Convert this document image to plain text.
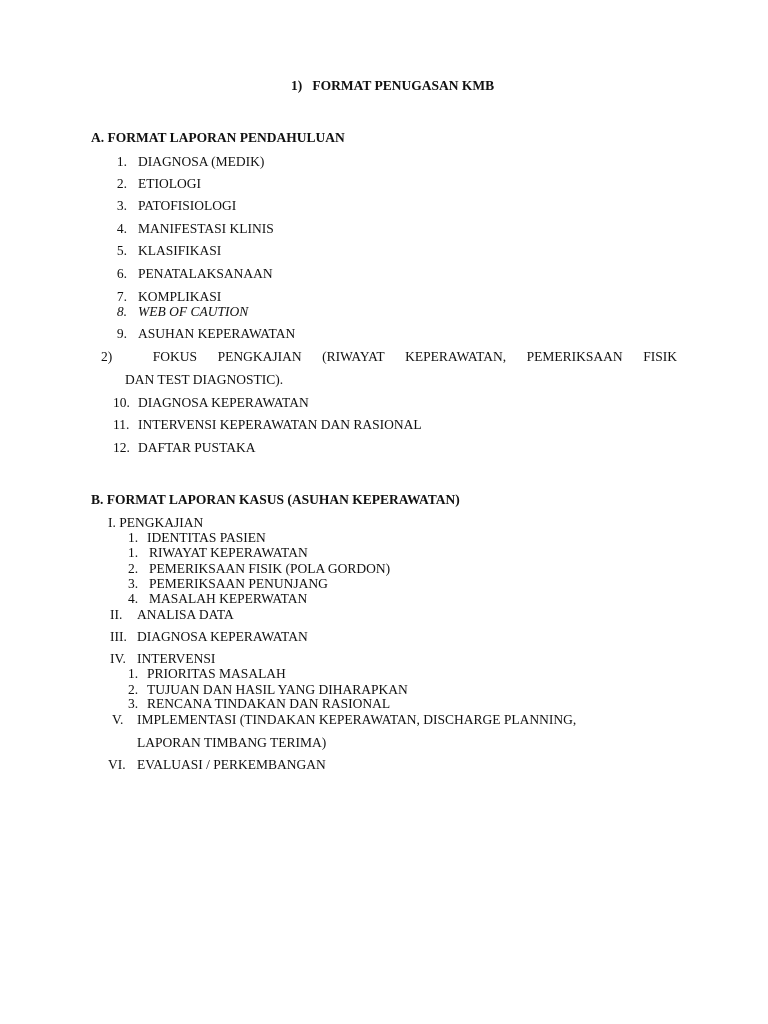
1) FORMAT PENUGASAN KMB
A. FORMAT LAPORAN PENDAHULUAN
1. DIAGNOSA (MEDIK)
2. ETIOLOGI
3. PATOFISIOLOGI
4. MANIFESTASI KLINIS
5. KLASIFIKASI
6. PENATALAKSANAAN
7. KOMPLIKASI
8. WEB OF CAUTION
9. ASUHAN KEPERAWATAN
2)	FOKUS PENGKAJIAN (RIWAYAT KEPERAWATAN, PEMERIKSAAN FISIK
DAN TEST DIAGNOSTIC).
10. DIAGNOSA KEPERAWATAN
11. INTERVENSI KEPERAWATAN DAN RASIONAL
12. DAFTAR PUSTAKA
B. FORMAT LAPORAN KASUS (ASUHAN KEPERAWATAN)
I. PENGKAJIAN
1. IDENTITAS PASIEN
1. RIWAYAT KEPERAWATAN
2. PEMERIKSAAN FISIK (POLA GORDON)
3. PEMERIKSAAN PENUNJANG
4. MASALAH KEPERWATAN
II. ANALISA DATA
III. DIAGNOSA KEPERAWATAN
IV. INTERVENSI
1. PRIORITAS MASALAH
2. TUJUAN DAN HASIL YANG DIHARAPKAN
3. RENCANA TINDAKAN DAN RASIONAL
V. IMPLEMENTASI (TINDAKAN KEPERAWATAN, DISCHARGE PLANNING,
LAPORAN TIMBANG TERIMA)
VI. EVALUASI / PERKEMBANGAN
